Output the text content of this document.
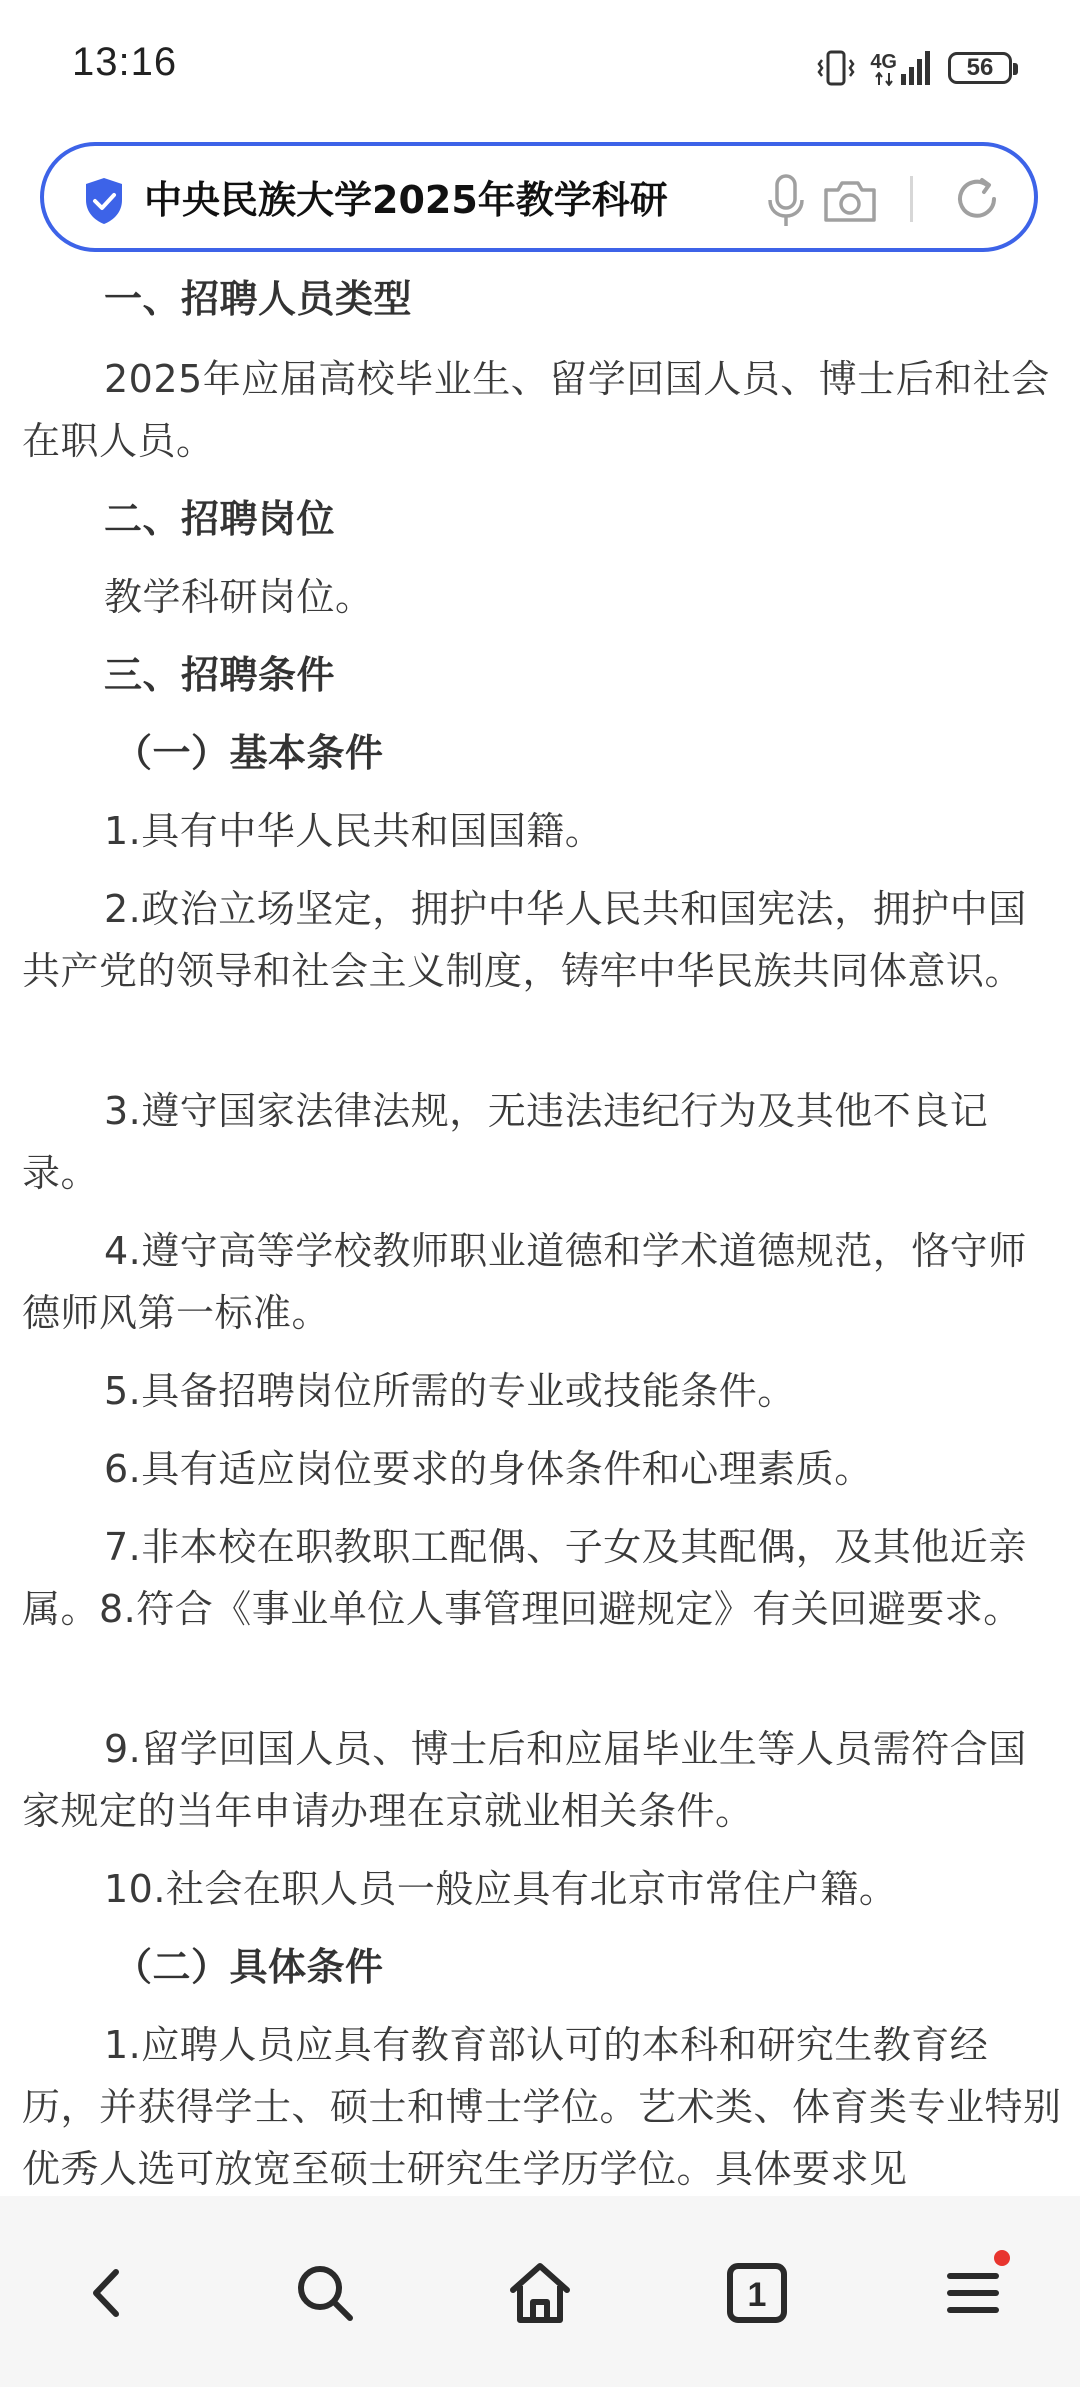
13:16	4G	56
中央民族大学2025年教学科研
一、招聘人员类型
2025年应届高校毕业生、留学回国人员、博士后和社会在职人员。
二、招聘岗位
教学科研岗位。
三、招聘条件
（一）基本条件
1.具有中华人民共和国国籍。
2.政治立场坚定，拥护中华人民共和国宪法，拥护中国共产党的领导和社会主义制度，铸牢中华民族共同体意识。
3.遵守国家法律法规，无违法违纪行为及其他不良记录。
4.遵守高等学校教师职业道德和学术道德规范，恪守师德师风第一标准。
5.具备招聘岗位所需的专业或技能条件。
6.具有适应岗位要求的身体条件和心理素质。
7.非本校在职教职工配偶、子女及其配偶，及其他近亲属。8.符合《事业单位人事管理回避规定》有关回避要求。
9.留学回国人员、博士后和应届毕业生等人员需符合国家规定的当年申请办理在京就业相关条件。
10.社会在职人员一般应具有北京市常住户籍。
（二）具体条件
1.应聘人员应具有教育部认可的本科和研究生教育经历，并获得学士、硕士和博士学位。艺术类、体育类专业特别优秀人选可放宽至硕士研究生学历学位。具体要求见
1
